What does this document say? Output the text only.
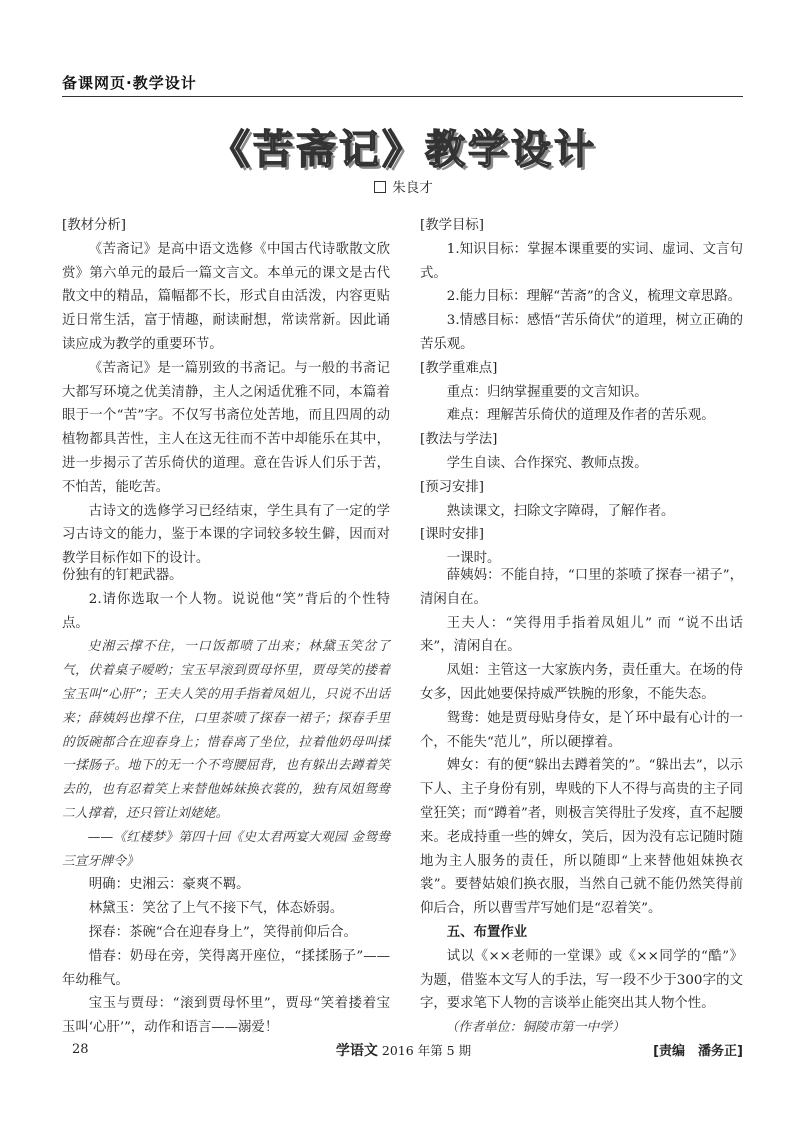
备课网页·教学设计
《苦斋记》教学设计
朱良才

[教材分析]

《苦斋记》是高中语文选修《中国古代诗歌散文欣赏》第六单元的最后一篇文言文。本单元的课文是古代散文中的精品，篇幅都不长，形式自由活泼，内容更贴近日常生活，富于情趣，耐读耐想，常读常新。因此诵读应成为教学的重要环节。

《苦斋记》是一篇别致的书斋记。与一般的书斋记大都写环境之优美清静，主人之闲适优雅不同，本篇着眼于一个“苦”字。不仅写书斋位处苦地，而且四周的动植物都具苦性，主人在这无往而不苦中却能乐在其中，进一步揭示了苦乐倚伏的道理。意在告诉人们乐于苦，不怕苦，能吃苦。

古诗文的选修学习已经结束，学生具有了一定的学习古诗文的能力，鉴于本课的字词较多较生僻，因而对教学目标作如下的设计。

[教学目标]

1.知识目标：掌握本课重要的实词、虚词、文言句式。

2.能力目标：理解“苦斋”的含义，梳理文章思路。

3.情感目标：感悟“苦乐倚伏”的道理，树立正确的苦乐观。

[教学重难点]

重点：归纳掌握重要的文言知识。

难点：理解苦乐倚伏的道理及作者的苦乐观。

[教法与学法]

学生自读、合作探究、教师点拨。

[预习安排]

熟读课文，扫除文字障碍，了解作者。

[课时安排]

一课时。

份独有的钉耙武器。

2.请你选取一个人物。说说他“笑”背后的个性特点。

史湘云撑不住，一口饭都喷了出来；林黛玉笑岔了气，伏着桌子嗳哟；宝玉早滚到贾母怀里，贾母笑的搂着宝玉叫“心肝”；王夫人笑的用手指着凤姐儿，只说不出话来；薛姨妈也撑不住，口里茶喷了探春一裙子；探春手里的饭碗都合在迎春身上；惜春离了坐位，拉着他奶母叫揉一揉肠子。地下的无一个不弯腰屈背，也有躲出去蹲着笑去的，也有忍着笑上来替他姊妹换衣裳的，独有凤姐鸳鸯二人撑着，还只管让刘姥姥。

——《红楼梦》第四十回《史太君两宴大观园 金鸳鸯三宣牙牌令》

明确：史湘云：豪爽不羁。

林黛玉：笑岔了上气不接下气，体态娇弱。

探春：茶碗“合在迎春身上”，笑得前仰后合。

惜春：奶母在旁，笑得离开座位，“揉揉肠子”——年幼稚气。

宝玉与贾母：“滚到贾母怀里”，贾母“笑着搂着宝玉叫‘心肝’”，动作和语言——溺爱！

薛姨妈：不能自持，“口里的茶喷了探春一裙子”，清闲自在。

王夫人：“笑得用手指着凤姐儿” 而 “说不出话来”，清闲自在。

凤姐：主管这一大家族内务，责任重大。在场的侍女多，因此她要保持威严铁腕的形象，不能失态。

鸳鸯：她是贾母贴身侍女，是丫环中最有心计的一个，不能失“范儿”，所以硬撑着。

婢女：有的便“躲出去蹲着笑的”。“躲出去”，以示下人、主子身份有别，卑贱的下人不得与高贵的主子同堂狂笑；而“蹲着”者，则极言笑得肚子发疼，直不起腰来。老成持重一些的婢女，笑后，因为没有忘记随时随地为主人服务的责任，所以随即“上来替他姐妹换衣裳”。要替姑娘们换衣服，当然自己就不能仍然笑得前仰后合，所以曹雪芹写她们是“忍着笑”。

五、布置作业

试以《××老师的一堂课》或《××同学的“酷”》为题，借鉴本文写人的手法，写一段不少于300字的文字，要求笔下人物的言谈举止能突出其人物个性。

（作者单位：铜陵市第一中学）

[责编　潘务正]

28	学语文 2016 年第 5 期
